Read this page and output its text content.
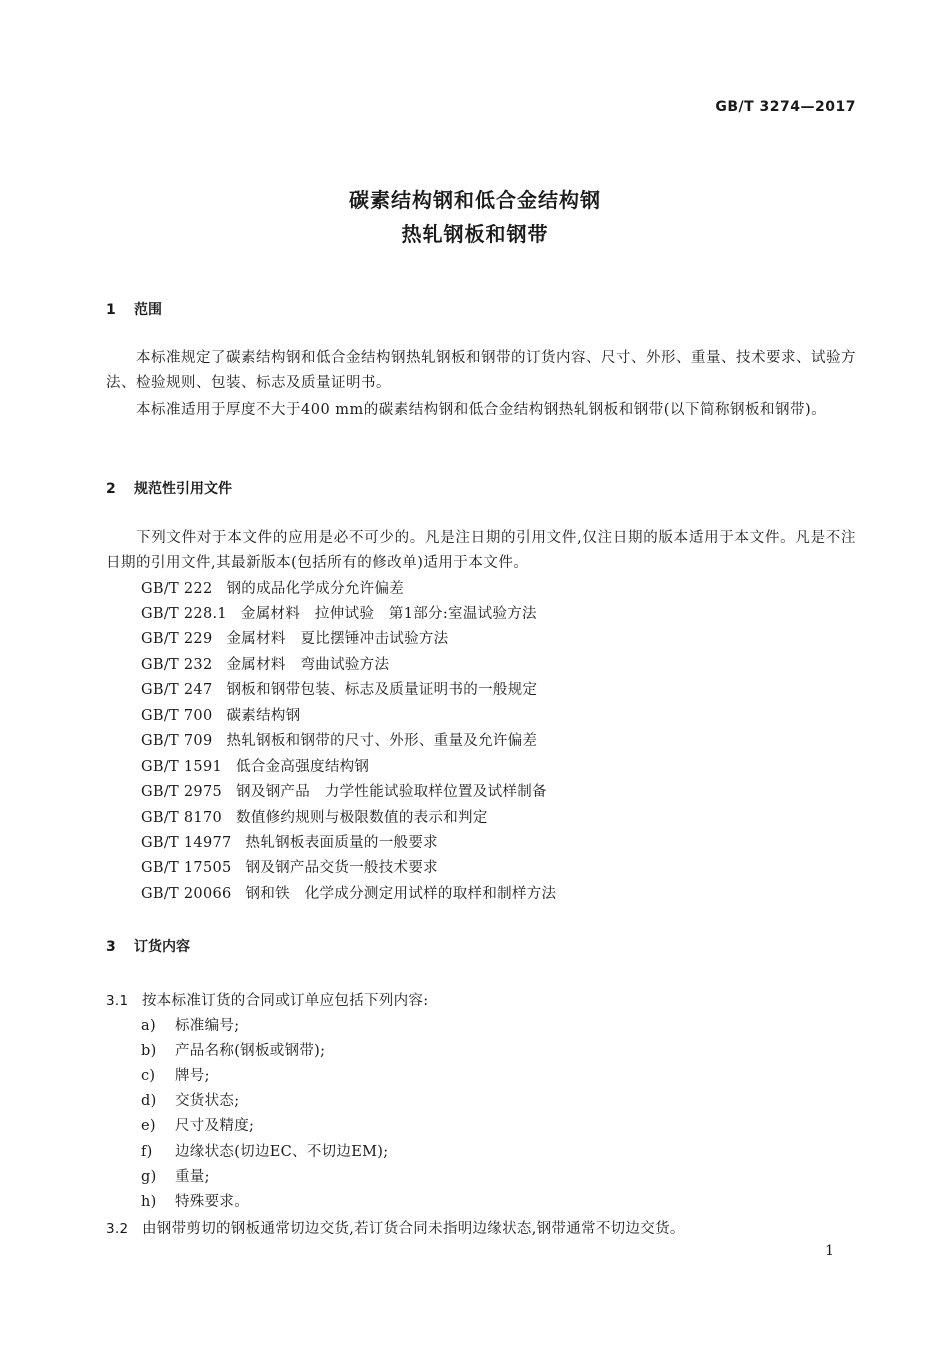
GB/T 3274—2017
碳素结构钢和低合金结构钢
热轧钢板和钢带
1 范围
本标准规定了碳素结构钢和低合金结构钢热轧钢板和钢带的订货内容、尺寸、外形、重量、技术要求、试验方法、检验规则、包装、标志及质量证明书。
本标准适用于厚度不大于400 mm的碳素结构钢和低合金结构钢热轧钢板和钢带(以下简称钢板和钢带)。
2 规范性引用文件
下列文件对于本文件的应用是必不可少的。凡是注日期的引用文件,仅注日期的版本适用于本文件。凡是不注日期的引用文件,其最新版本(包括所有的修改单)适用于本文件。
GB/T 222 钢的成品化学成分允许偏差
GB/T 228.1 金属材料　拉伸试验　第1部分:室温试验方法
GB/T 229 金属材料　夏比摆锤冲击试验方法
GB/T 232 金属材料　弯曲试验方法
GB/T 247 钢板和钢带包装、标志及质量证明书的一般规定
GB/T 700 碳素结构钢
GB/T 709 热轧钢板和钢带的尺寸、外形、重量及允许偏差
GB/T 1591 低合金高强度结构钢
GB/T 2975 钢及钢产品　力学性能试验取样位置及试样制备
GB/T 8170 数值修约规则与极限数值的表示和判定
GB/T 14977 热轧钢板表面质量的一般要求
GB/T 17505 钢及钢产品交货一般技术要求
GB/T 20066 钢和铁　化学成分测定用试样的取样和制样方法
3 订货内容
3.1 按本标准订货的合同或订单应包括下列内容:
a) 标准编号;
b) 产品名称(钢板或钢带);
c) 牌号;
d) 交货状态;
e) 尺寸及精度;
f) 边缘状态(切边EC、不切边EM);
g) 重量;
h) 特殊要求。
3.2 由钢带剪切的钢板通常切边交货,若订货合同未指明边缘状态,钢带通常不切边交货。
1
